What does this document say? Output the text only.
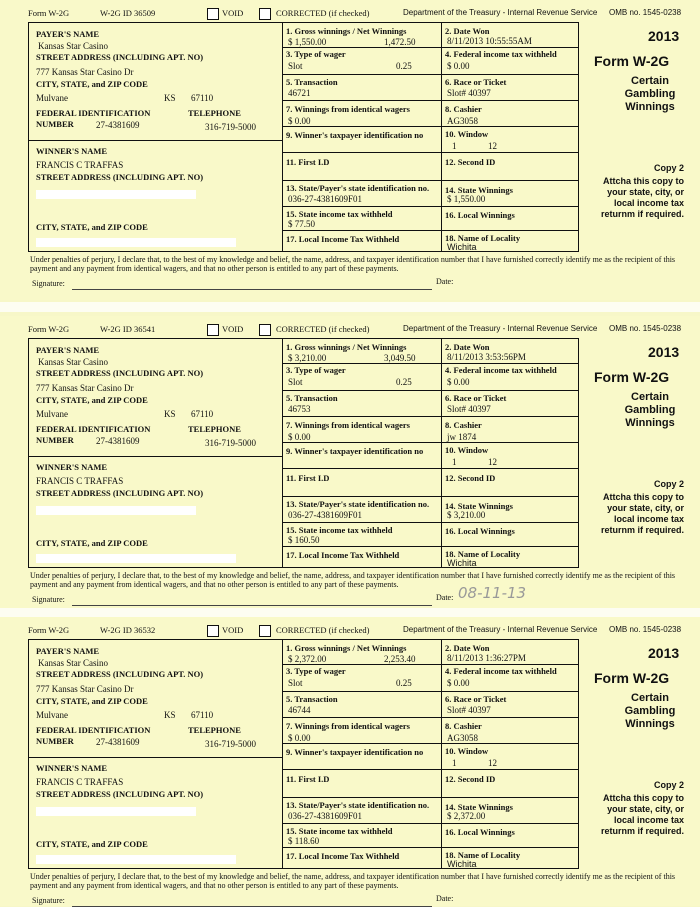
Form W-2G	W-2G ID 36509	VOID	CORRECTED (if checked)	Department of the Treasury - Internal Revenue Service OMB no. 1545-0238
PAYER'S NAME
Kansas Star Casino
STREET ADDRESS (INCLUDING APT. NO)
777 Kansas Star Casino Dr
CITY, STATE, and ZIP CODE
Mulvane	KS 67110
FEDERAL IDENTIFICATION NUMBER	27-4381609
TELEPHONE
316-719-5000
WINNER'S NAME
FRANCIS C TRAFFAS
STREET ADDRESS (INCLUDING APT. NO)
CITY, STATE, and ZIP CODE
1. Gross winnings / Net Winnings
$ 1,550.00	1,472.50
3. Type of wager
Slot	0.25
5. Transaction
46721
7. Winnings from identical wagers
$ 0.00
9. Winner's taxpayer identification no
11. First I.D
13. State/Payer's state identification no.
036-27-4381609F01
15. State income tax withheld
$ 77.50
17. Local Income Tax Withheld
2. Date Won
8/11/2013 10:55:55AM
4. Federal income tax withheld
$ 0.00
6. Race or Ticket
Slot# 40397
8. Cashier
AG3058
10. Window
1	12
12. Second ID
14. State Winnings
$ 1,550.00
16. Local Winnings
18. Name of Locality
Wichita
2013
Form W-2G
Certain Gambling Winnings
Copy 2
Attcha this copy to your state, city, or local income tax returnm if required.
Under penalties of perjury, I declare that, to the best of my knowledge and belief, the name, address, and taxpayer identification number that I have furnished correctly identify me as the recipient of this payment and any payment from identical wagers, and that no other person is entitled to any part of these payments.
Signature:	Date:
Form W-2G	W-2G ID 36541	VOID	CORRECTED (if checked)	Department of the Treasury - Internal Revenue Service OMB no. 1545-0238
PAYER'S NAME
Kansas Star Casino
STREET ADDRESS (INCLUDING APT. NO)
777 Kansas Star Casino Dr
CITY, STATE, and ZIP CODE
Mulvane	KS 67110
FEDERAL IDENTIFICATION NUMBER	27-4381609
TELEPHONE
316-719-5000
WINNER'S NAME
FRANCIS C TRAFFAS
STREET ADDRESS (INCLUDING APT. NO)
CITY, STATE, and ZIP CODE
1. Gross winnings / Net Winnings
$ 3,210.00	3,049.50
3. Type of wager
Slot	0.25
5. Transaction
46753
7. Winnings from identical wagers
$ 0.00
9. Winner's taxpayer identification no
11. First I.D
13. State/Payer's state identification no.
036-27-4381609F01
15. State income tax withheld
$ 160.50
17. Local Income Tax Withheld
2. Date Won
8/11/2013 3:53:56PM
4. Federal income tax withheld
$ 0.00
6. Race or Ticket
Slot# 40397
8. Cashier
jw 1874
10. Window
1	12
12. Second ID
14. State Winnings
$ 3,210.00
16. Local Winnings
18. Name of Locality
Wichita
2013
Form W-2G
Certain Gambling Winnings
Copy 2
Attcha this copy to your state, city, or local income tax returnm if required.
Under penalties of perjury, I declare that, to the best of my knowledge and belief, the name, address, and taxpayer identification number that I have furnished correctly identify me as the recipient of this payment and any payment from identical wagers, and that no other person is entitled to any part of these payments.
Signature:	Date: 08-11-13
Form W-2G	W-2G ID 36532	VOID	CORRECTED (if checked)	Department of the Treasury - Internal Revenue Service OMB no. 1545-0238
PAYER'S NAME
Kansas Star Casino
STREET ADDRESS (INCLUDING APT. NO)
777 Kansas Star Casino Dr
CITY, STATE, and ZIP CODE
Mulvane	KS 67110
FEDERAL IDENTIFICATION NUMBER	27-4381609
TELEPHONE
316-719-5000
WINNER'S NAME
FRANCIS C TRAFFAS
STREET ADDRESS (INCLUDING APT. NO)
CITY, STATE, and ZIP CODE
1. Gross winnings / Net Winnings
$ 2,372.00	2,253.40
3. Type of wager
Slot	0.25
5. Transaction
46744
7. Winnings from identical wagers
$ 0.00
9. Winner's taxpayer identification no
11. First I.D
13. State/Payer's state identification no.
036-27-4381609F01
15. State income tax withheld
$ 118.60
17. Local Income Tax Withheld
2. Date Won
8/11/2013 1:36:27PM
4. Federal income tax withheld
$ 0.00
6. Race or Ticket
Slot# 40397
8. Cashier
AG3058
10. Window
1	12
12. Second ID
14. State Winnings
$ 2,372.00
16. Local Winnings
18. Name of Locality
Wichita
2013
Form W-2G
Certain Gambling Winnings
Copy 2
Attcha this copy to your state, city, or local income tax returnm if required.
Under penalties of perjury, I declare that, to the best of my knowledge and belief, the name, address, and taxpayer identification number that I have furnished correctly identify me as the recipient of this payment and any payment from identical wagers, and that no other person is entitled to any part of these payments.
Signature:	Date:
